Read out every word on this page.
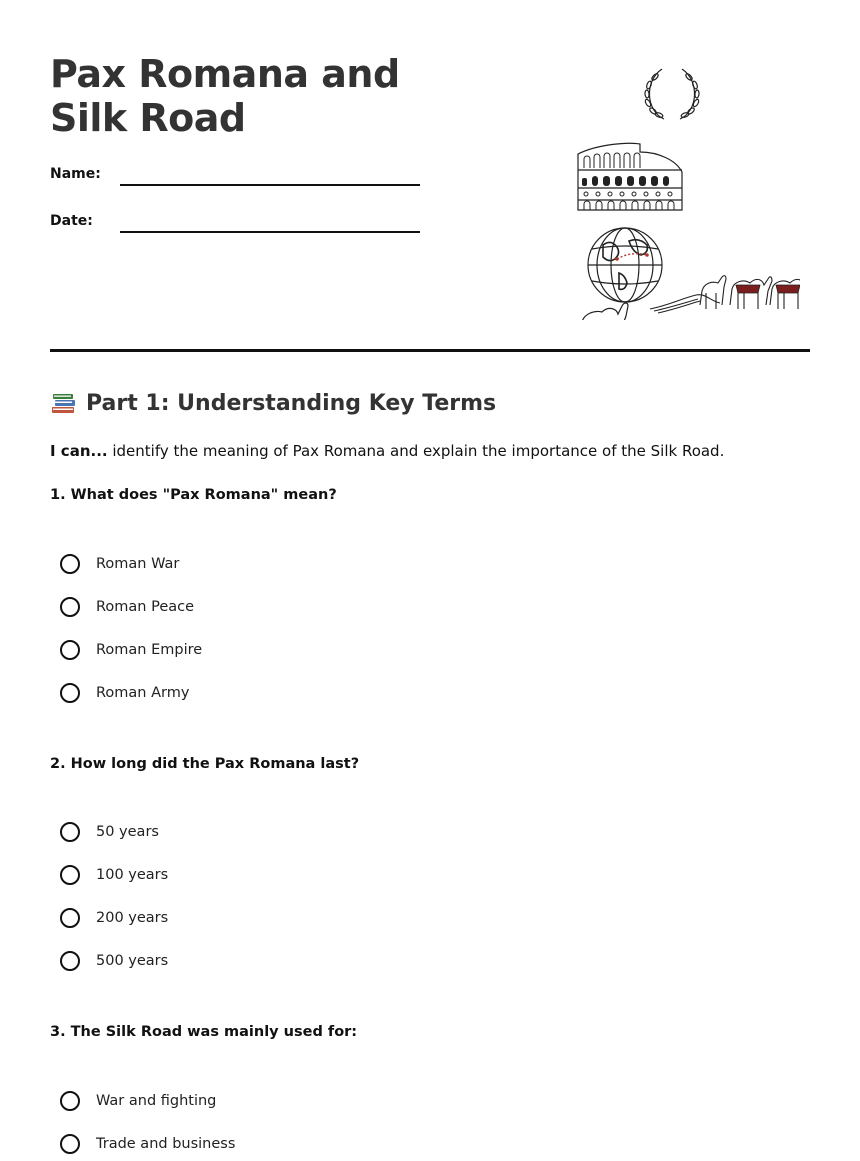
Pax Romana and Silk Road
Name:
Date:
Part 1: Understanding Key Terms
I can... identify the meaning of Pax Romana and explain the importance of the Silk Road.
1. What does "Pax Romana" mean?
Roman War
Roman Peace
Roman Empire
Roman Army
2. How long did the Pax Romana last?
50 years
100 years
200 years
500 years
3. The Silk Road was mainly used for:
War and fighting
Trade and business
